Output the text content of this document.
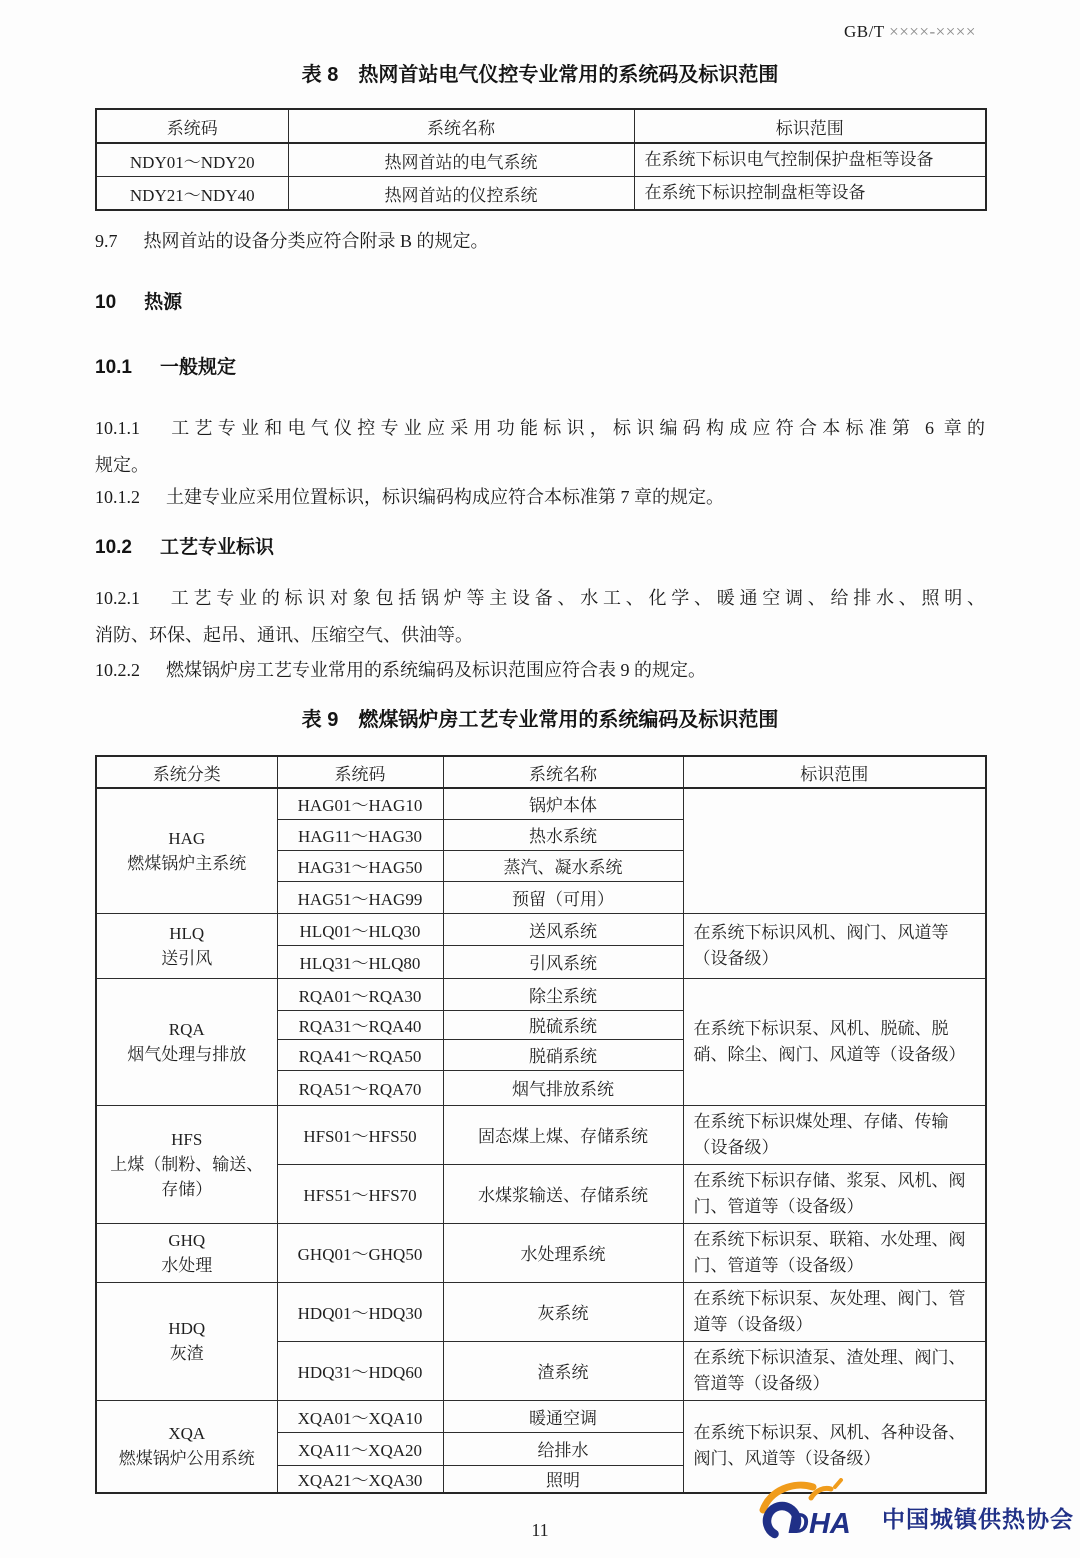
GB/T ××××-××××
表 8　热网首站电气仪控专业常用的系统码及标识范围
系统码	系统名称	标识范围
NDY01～NDY20	热网首站的电气系统	在系统下标识电气控制保护盘柜等设备
NDY21～NDY40	热网首站的仪控系统	在系统下标识控制盘柜等设备
9.7 热网首站的设备分类应符合附录 B 的规定。
10 热源
10.1 一般规定
10.1.1 工艺专业和电气仪控专业应采用功能标识，标识编码构成应符合本标准第 6 章的
规定。
10.1.2 土建专业应采用位置标识，标识编码构成应符合本标准第 7 章的规定。
10.2 工艺专业标识
10.2.1 工艺专业的标识对象包括锅炉等主设备、水工、化学、暖通空调、给排水、照明、
消防、环保、起吊、通讯、压缩空气、供油等。
10.2.2 燃煤锅炉房工艺专业常用的系统编码及标识范围应符合表 9 的规定。
表 9　燃煤锅炉房工艺专业常用的系统编码及标识范围
系统分类	系统码	系统名称	标识范围

HAG
燃煤锅炉主系统	HAG01～HAG10	锅炉本体	
	HAG11～HAG30	热水系统	
	HAG31～HAG50	蒸汽、凝水系统	
	HAG51～HAG99	预留（可用）	

HLQ
送引风	HLQ01～HLQ30	送风系统	在系统下标识风机、阀门、风道等（设备级）
	HLQ31～HLQ80	引风系统	

RQA
烟气处理与排放	RQA01～RQA30	除尘系统	在系统下标识泵、风机、脱硫、脱硝、除尘、阀门、风道等（设备级）
	RQA31～RQA40	脱硫系统	
	RQA41～RQA50	脱硝系统	
	RQA51～RQA70	烟气排放系统	

HFS
上煤（制粉、输送、存储）	HFS01～HFS50	固态煤上煤、存储系统	在系统下标识煤处理、存储、传输（设备级）
	HFS51～HFS70	水煤浆输送、存储系统	在系统下标识存储、浆泵、风机、阀门、管道等（设备级）

GHQ
水处理	GHQ01～GHQ50	水处理系统	在系统下标识泵、联箱、水处理、阀门、管道等（设备级）

HDQ
灰渣	HDQ01～HDQ30	灰系统	在系统下标识泵、灰处理、阀门、管道等（设备级）
	HDQ31～HDQ60	渣系统	在系统下标识渣泵、渣处理、阀门、管道等（设备级）

XQA
燃煤锅炉公用系统	XQA01～XQA10	暖通空调	在系统下标识泵、风机、各种设备、阀门、风道等（设备级）
	XQA11～XQA20	给排水	
	XQA21～XQA30	照明	
DHA 中国城镇供热协会
11
